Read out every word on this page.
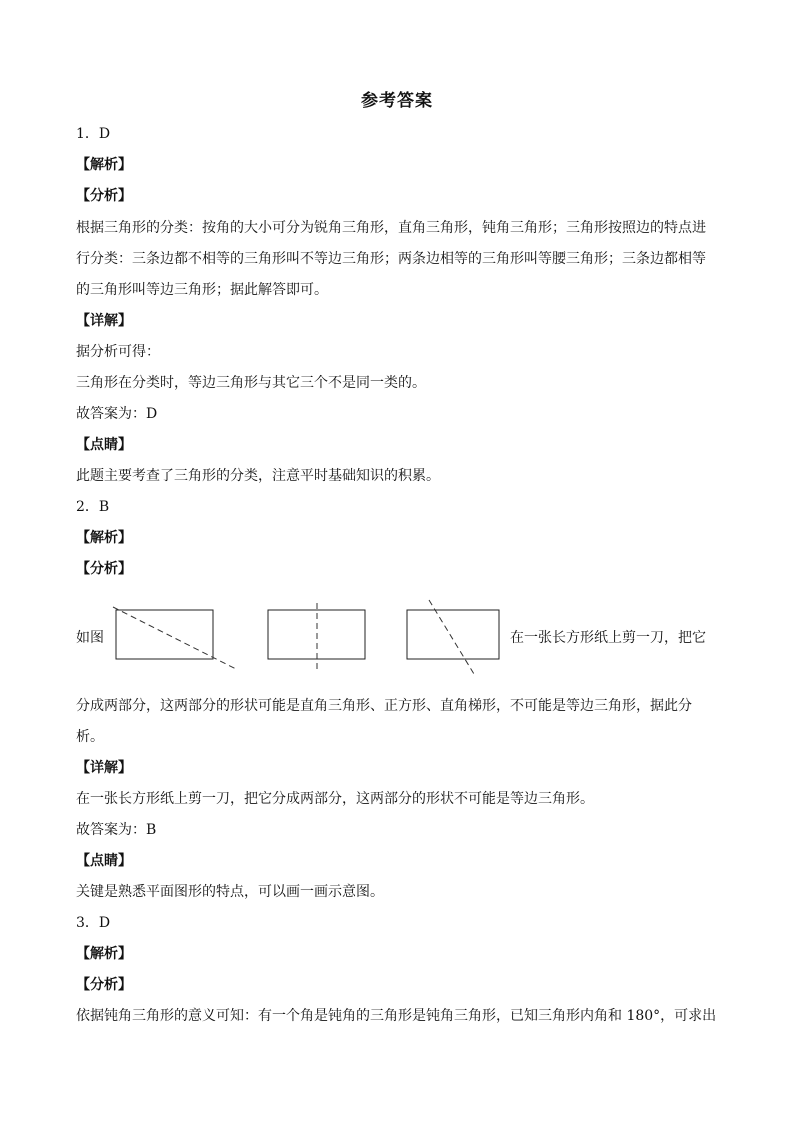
参考答案
1．D
【解析】
【分析】
根据三角形的分类：按角的大小可分为锐角三角形，直角三角形，钝角三角形；三角形按照边的特点进
行分类：三条边都不相等的三角形叫不等边三角形；两条边相等的三角形叫等腰三角形；三条边都相等
的三角形叫等边三角形；据此解答即可。
【详解】
据分析可得：
三角形在分类时，等边三角形与其它三个不是同一类的。
故答案为：D
【点睛】
此题主要考查了三角形的分类，注意平时基础知识的积累。
2．B
【解析】
【分析】
如图	在一张长方形纸上剪一刀，把它
分成两部分，这两部分的形状可能是直角三角形、正方形、直角梯形，不可能是等边三角形，据此分
析。
【详解】
在一张长方形纸上剪一刀，把它分成两部分，这两部分的形状不可能是等边三角形。
故答案为：B
【点睛】
关键是熟悉平面图形的特点，可以画一画示意图。
3．D
【解析】
【分析】
依据钝角三角形的意义可知：有一个角是钝角的三角形是钝角三角形，已知三角形内角和 180°，可求出
